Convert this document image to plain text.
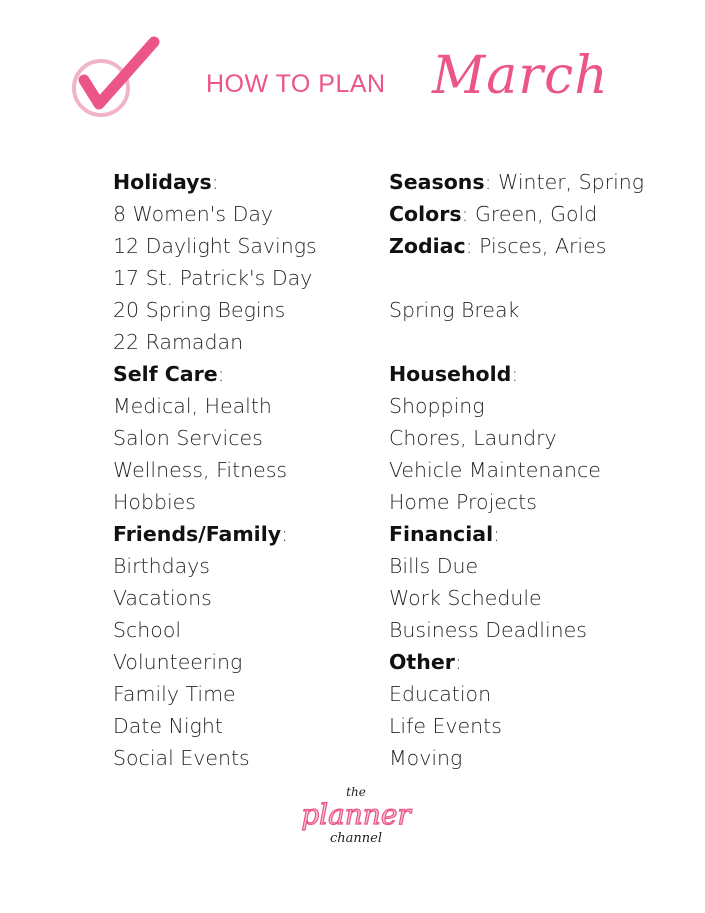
HOW TO PLAN March
Holidays:
8 Women's Day
12 Daylight Savings
17 St. Patrick's Day
20 Spring Begins
22 Ramadan
Self Care:
Medical, Health
Salon Services
Wellness, Fitness
Hobbies
Friends/Family:
Birthdays
Vacations
School
Volunteering
Family Time
Date Night
Social Events
Seasons: Winter, Spring
Colors: Green, Gold
Zodiac: Pisces, Aries
Spring Break
Household:
Shopping
Chores, Laundry
Vehicle Maintenance
Home Projects
Financial:
Bills Due
Work Schedule
Business Deadlines
Other:
Education
Life Events
Moving
the
planner
channel
